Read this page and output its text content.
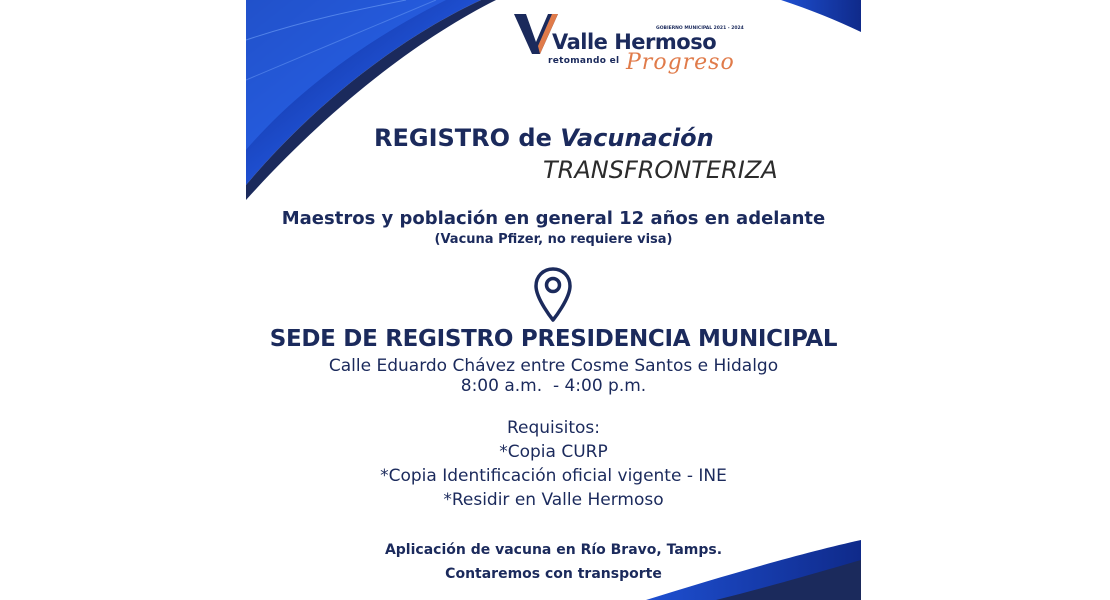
GOBIERNO MUNICIPAL 2021 - 2024
Valle Hermoso
retomando el Progreso
REGISTRO de Vacunación
TRANSFRONTERIZA
Maestros y población en general 12 años en adelante
(Vacuna Pfizer, no requiere visa)
SEDE DE REGISTRO PRESIDENCIA MUNICIPAL
Calle Eduardo Chávez entre Cosme Santos e Hidalgo
8:00 a.m.  - 4:00 p.m.
Requisitos:
*Copia CURP
*Copia Identificación oficial vigente - INE
*Residir en Valle Hermoso
Aplicación de vacuna en Río Bravo, Tamps.
Contaremos con transporte
